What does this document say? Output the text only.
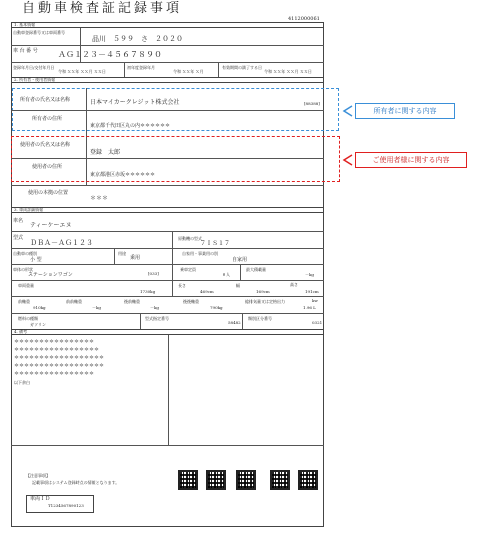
自動車検査証記録事項
4112000061
1. 基本情報
自動車登録番号又は車両番号
品川　５９９　さ　２０２０
車 台 番 号	ＡＧ１２３－４５６７８９０
登録年月日/交付年月日
令和 ＸＸ年 ＸＸ月 ＸＸ日
初年度登録年月
令和 ＸＸ年 Ｘ月
有効期間の満了する日
令和 ＸＸ年 ＸＸ月 ＸＸ日
2. 所有者・使用者情報
所有者の氏名又は名称	日本マイカークレジット株式会社	[88388]
所有者の住所
東京都千代田区丸の内＊＊＊＊＊＊
使用者の氏名又は名称
登録　太郎
使用者の住所
東京都港区赤坂＊＊＊＊＊＊
使用の本拠の位置
＊＊＊
3. 車両詳細情報
車名
ティーケーエヌ
型式
ＤＢＡ－ＡＧ１２３
原動機の型式
７ＩＳ１７
自動車の種別
小 型
用途
乗用
自家用・事業用の別
自家用
車体の形状
ステーションワゴン	[033]
乗車定員
８人
最大積載量
－kg
車両重量
1730kg
長さ
469cm
幅
169cm
高さ
191cm
前軸重
910kg
前前軸重
－kg
後前軸重
－kg
後後軸重
790kg
総排気量又は定格出力
1.96 L
kw
燃料の種類
ガソリン
型式指定番号
58482
類別区分番号
0321
4. 備考
＊＊＊＊＊＊＊＊＊＊＊＊＊＊＊＊
＊＊＊＊＊＊＊＊＊＊＊＊＊＊＊＊＊
＊＊＊＊＊＊＊＊＊＊＊＊＊＊＊＊＊＊
＊＊＊＊＊＊＊＊＊＊＊＊＊＊＊＊＊＊
＊＊＊＊＊＊＊＊＊＊＊＊＊＊＊＊
以下余白
【注意事項】
記載事項はシステム登録時点の情報となります。
車両ＩＤ
T1234567890123
所有者に関する内容
ご使用者様に関する内容
